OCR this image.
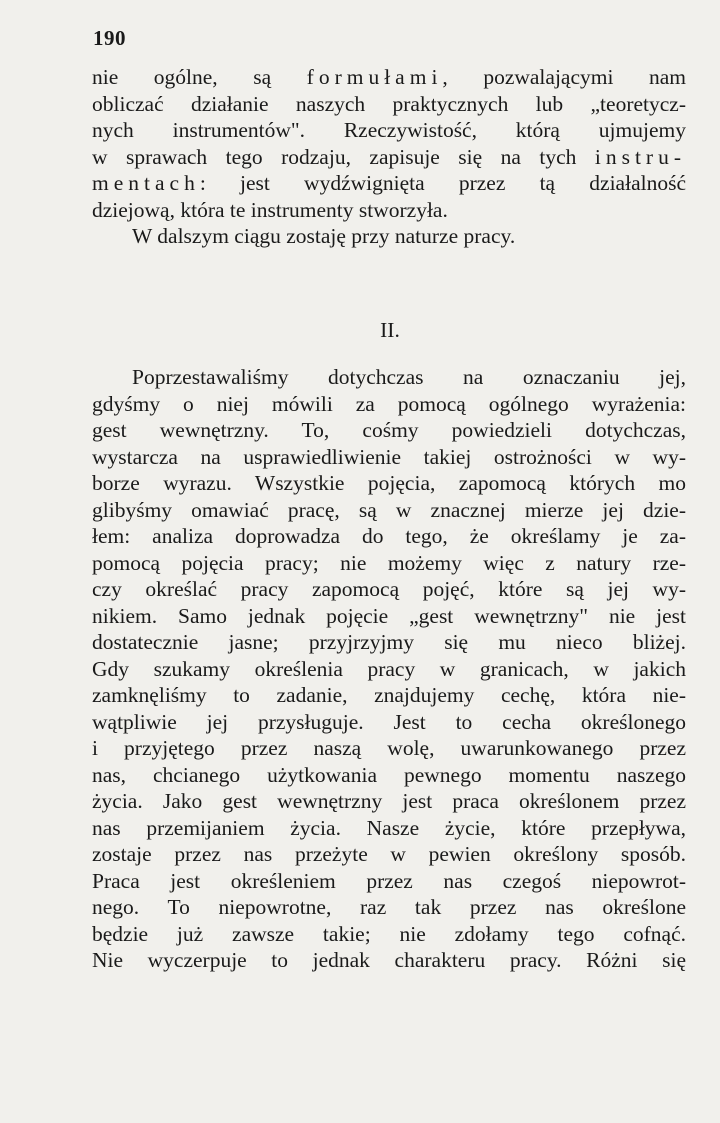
190
nie ogólne, są formułami, pozwalającymi nam
obliczać działanie naszych praktycznych lub „teoretycz-
nych instrumentów". Rzeczywistość, którą ujmujemy
w sprawach tego rodzaju, zapisuje się na tych instru-
mentach: jest wydźwignięta przez tą działalność
dziejową, która te instrumenty stworzyła.
W dalszym ciągu zostaję przy naturze pracy.
II.
Poprzestawaliśmy dotychczas na oznaczaniu jej,
gdyśmy o niej mówili za pomocą ogólnego wyrażenia:
gest wewnętrzny. To, cośmy powiedzieli dotychczas,
wystarcza na usprawiedliwienie takiej ostrożności w wy-
borze wyrazu. Wszystkie pojęcia, zapomocą których mo
glibyśmy omawiać pracę, są w znacznej mierze jej dzie-
łem: analiza doprowadza do tego, że określamy je za-
pomocą pojęcia pracy; nie możemy więc z natury rze-
czy określać pracy zapomocą pojęć, które są jej wy-
nikiem. Samo jednak pojęcie „gest wewnętrzny" nie jest
dostatecznie jasne; przyjrzyjmy się mu nieco bliżej.
Gdy szukamy określenia pracy w granicach, w jakich
zamknęliśmy to zadanie, znajdujemy cechę, która nie-
wątpliwie jej przysługuje. Jest to cecha określonego
i przyjętego przez naszą wolę, uwarunkowanego przez
nas, chcianego użytkowania pewnego momentu naszego
życia. Jako gest wewnętrzny jest praca określonem przez
nas przemijaniem życia. Nasze życie, które przepływa,
zostaje przez nas przeżyte w pewien określony sposób.
Praca jest określeniem przez nas czegoś niepowrot-
nego. To niepowrotne, raz tak przez nas określone
będzie już zawsze takie; nie zdołamy tego cofnąć.
Nie wyczerpuje to jednak charakteru pracy. Różni się
